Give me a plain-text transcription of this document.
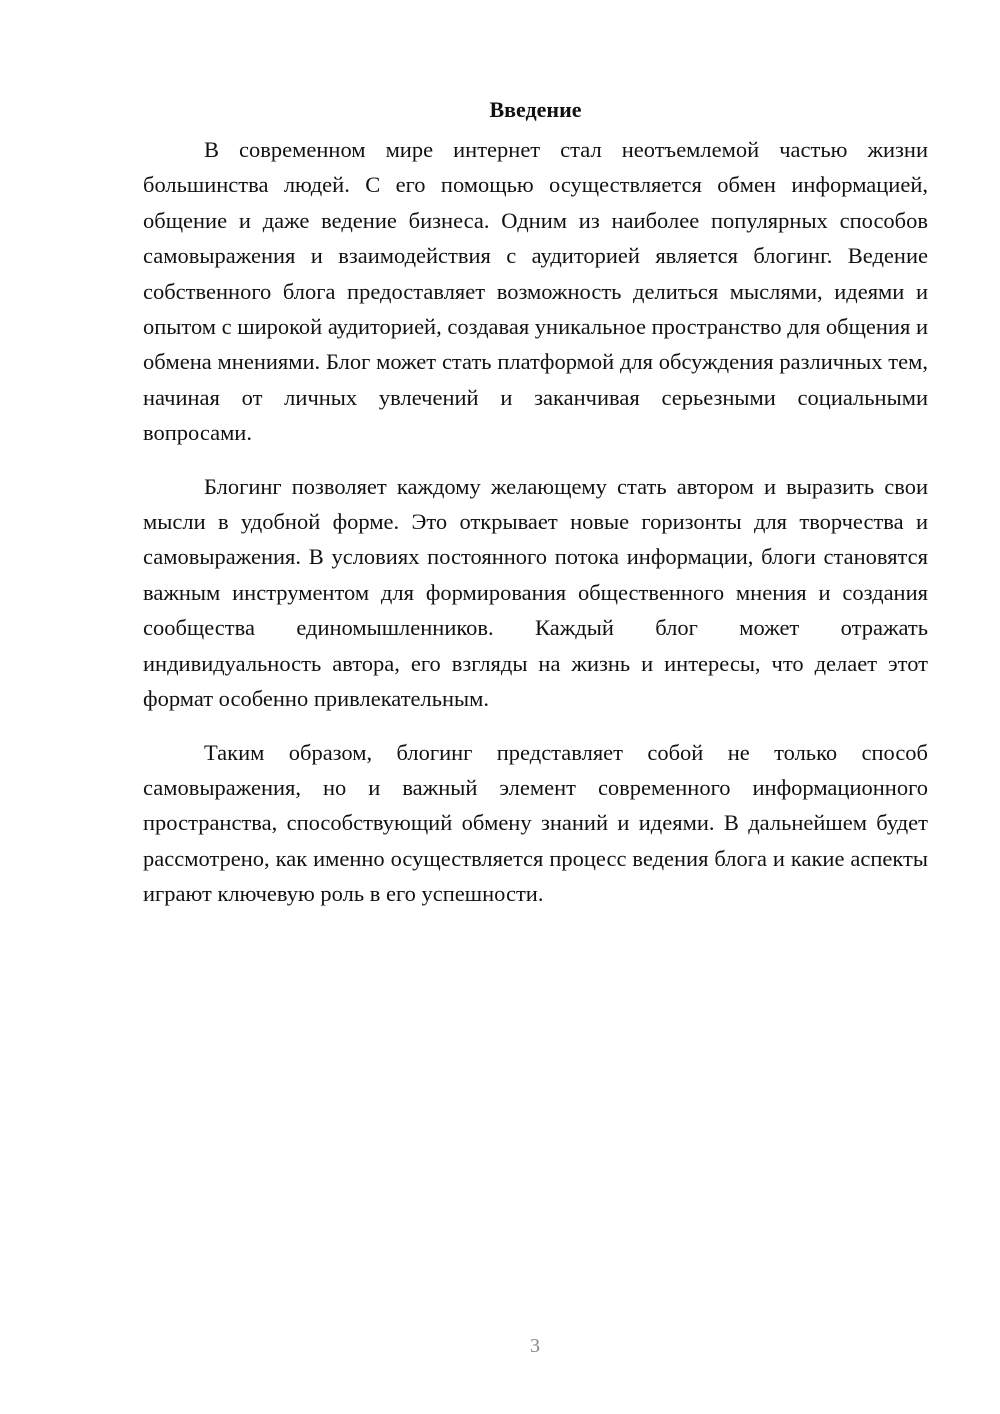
Введение

В современном мире интернет стал неотъемлемой частью жизни большинства людей. С его помощью осуществляется обмен информацией, общение и даже ведение бизнеса. Одним из наиболее популярных способов самовыражения и взаимодействия с аудиторией является блогинг. Ведение собственного блога предоставляет возможность делиться мыслями, идеями и опытом с широкой аудиторией, создавая уникальное пространство для общения и обмена мнениями. Блог может стать платформой для обсуждения различных тем, начиная от личных увлечений и заканчивая серьезными социальными вопросами.

Блогинг позволяет каждому желающему стать автором и выразить свои мысли в удобной форме. Это открывает новые горизонты для творчества и самовыражения. В условиях постоянного потока информации, блоги становятся важным инструментом для формирования общественного мнения и создания сообщества единомышленников. Каждый блог может отражать индивидуальность автора, его взгляды на жизнь и интересы, что делает этот формат особенно привлекательным.

Таким образом, блогинг представляет собой не только способ самовыражения, но и важный элемент современного информационного пространства, способствующий обмену знаний и идеями. В дальнейшем будет рассмотрено, как именно осуществляется процесс ведения блога и какие аспекты играют ключевую роль в его успешности.

3
